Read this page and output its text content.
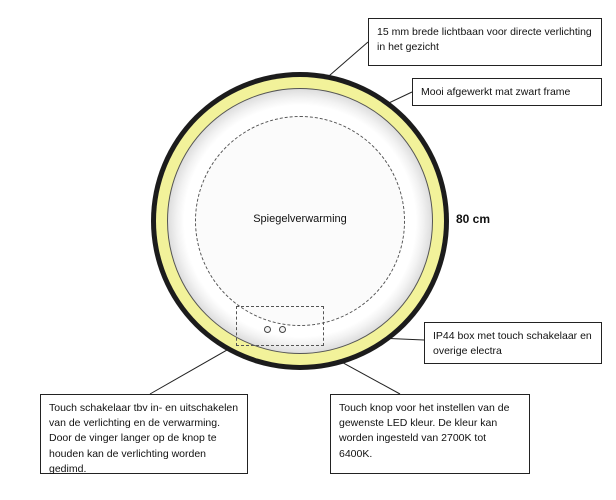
Spiegelverwarming	80 cm
15 mm brede lichtbaan voor directe verlichting in het gezicht
Mooi afgewerkt mat zwart frame
IP44 box met touch schakelaar en overige electra
Touch schakelaar tbv in- en uitschakelen van de verlichting en de verwarming. Door de vinger langer op de knop te houden kan de verlichting worden gedimd.
Touch knop voor het instellen van de gewenste LED kleur. De kleur kan worden ingesteld van 2700K tot 6400K.
